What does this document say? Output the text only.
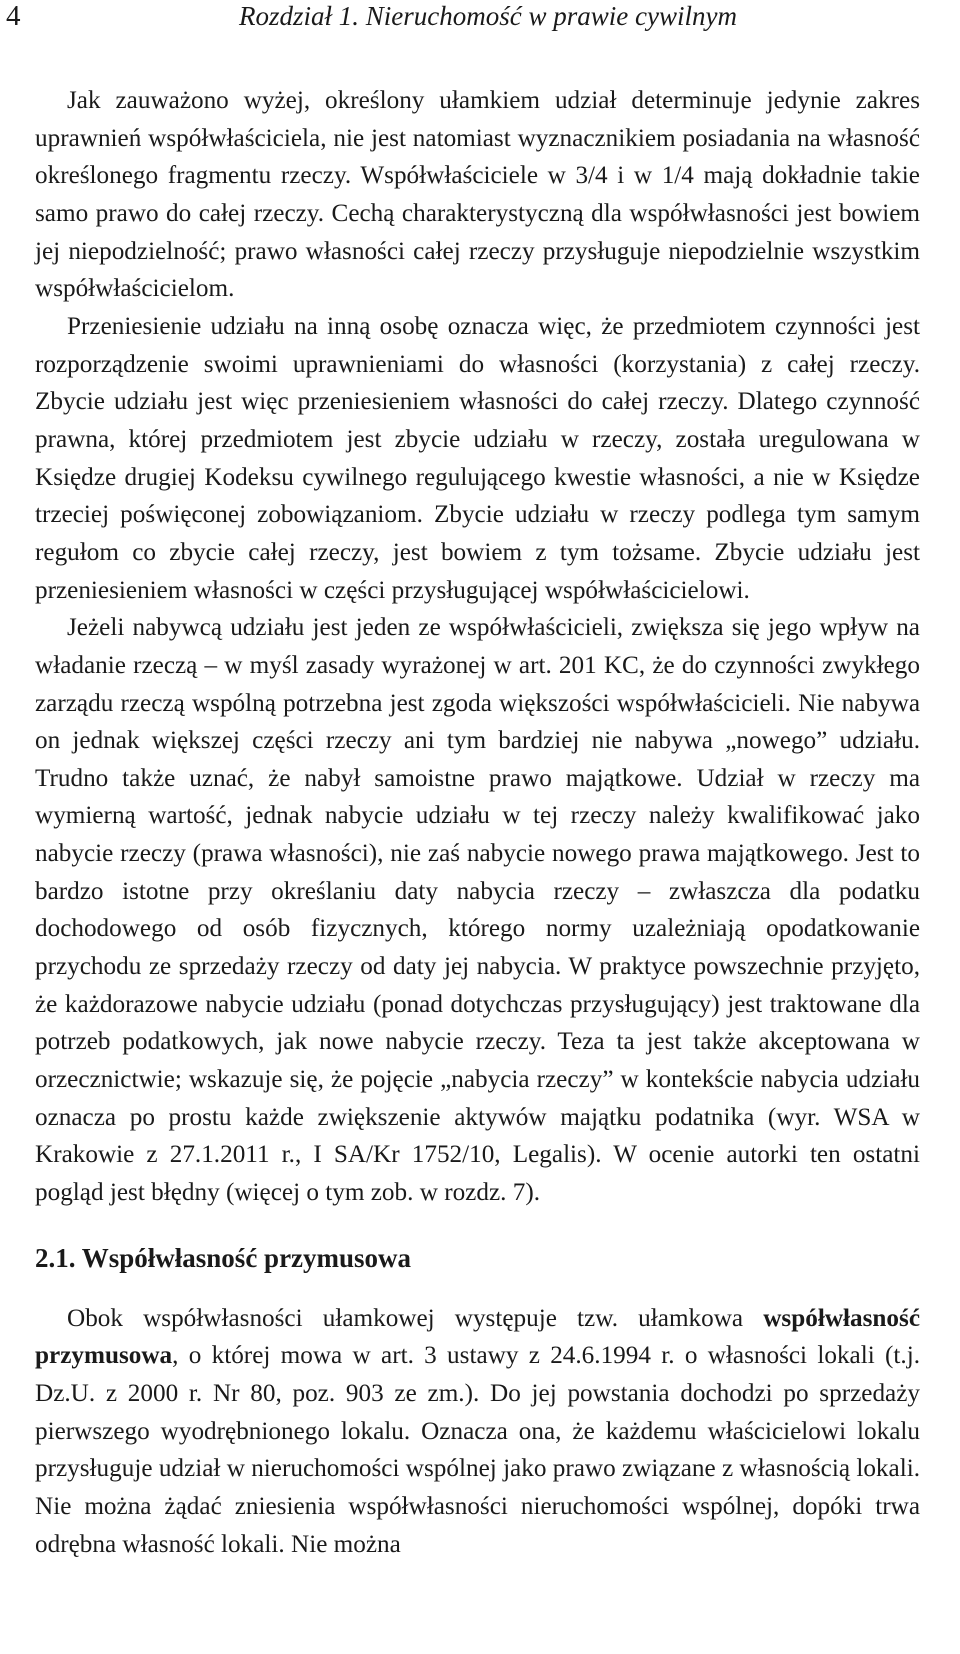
4	Rozdział 1. Nieruchomość w prawie cywilnym

Jak zauważono wyżej, określony ułamkiem udział determinuje jedynie zakres uprawnień współwłaściciela, nie jest natomiast wyznacznikiem posiadania na własność określonego fragmentu rzeczy. Współwłaściciele w 3/4 i w 1/4 mają dokładnie takie samo prawo do całej rzeczy. Cechą charakterystyczną dla współwłasności jest bowiem jej niepodzielność; prawo własności całej rzeczy przysługuje niepodzielnie wszystkim współwłaścicielom.

Przeniesienie udziału na inną osobę oznacza więc, że przedmiotem czynności jest rozporządzenie swoimi uprawnieniami do własności (korzystania) z całej rzeczy. Zbycie udziału jest więc przeniesieniem własności do całej rzeczy. Dlatego czynność prawna, której przedmiotem jest zbycie udziału w rzeczy, została uregulowana w Księdze drugiej Kodeksu cywilnego regulującego kwestie własności, a nie w Księdze trzeciej poświęconej zobowiązaniom. Zbycie udziału w rzeczy podlega tym samym regułom co zbycie całej rzeczy, jest bowiem z tym tożsame. Zbycie udziału jest przeniesieniem własności w części przysługującej współwłaścicielowi.

Jeżeli nabywcą udziału jest jeden ze współwłaścicieli, zwiększa się jego wpływ na władanie rzeczą – w myśl zasady wyrażonej w art. 201 KC, że do czynności zwykłego zarządu rzeczą wspólną potrzebna jest zgoda większości współwłaścicieli. Nie nabywa on jednak większej części rzeczy ani tym bardziej nie nabywa „nowego” udziału. Trudno także uznać, że nabył samoistne prawo majątkowe. Udział w rzeczy ma wymierną wartość, jednak nabycie udziału w tej rzeczy należy kwalifikować jako nabycie rzeczy (prawa własności), nie zaś nabycie nowego prawa majątkowego. Jest to bardzo istotne przy określaniu daty nabycia rzeczy – zwłaszcza dla podatku dochodowego od osób fizycznych, którego normy uzależniają opodatkowanie przychodu ze sprzedaży rzeczy od daty jej nabycia. W praktyce powszechnie przyjęto, że każdorazowe nabycie udziału (ponad dotychczas przysługujący) jest traktowane dla potrzeb podatkowych, jak nowe nabycie rzeczy. Teza ta jest także akceptowana w orzecznictwie; wskazuje się, że pojęcie „nabycia rzeczy” w kontekście nabycia udziału oznacza po prostu każde zwiększenie aktywów majątku podatnika (wyr. WSA w Krakowie z 27.1.2011 r., I SA/Kr 1752/10, Legalis). W ocenie autorki ten ostatni pogląd jest błędny (więcej o tym zob. w rozdz. 7).

2.1. Współwłasność przymusowa

Obok współwłasności ułamkowej występuje tzw. ułamkowa współwłasność przymusowa, o której mowa w art. 3 ustawy z 24.6.1994 r. o własności lokali (t.j. Dz.U. z 2000 r. Nr 80, poz. 903 ze zm.). Do jej powstania dochodzi po sprzedaży pierwszego wyodrębnionego lokalu. Oznacza ona, że każdemu właścicielowi lokalu przysługuje udział w nieruchomości wspólnej jako prawo związane z własnością lokali. Nie można żądać zniesienia współwłasności nieruchomości wspólnej, dopóki trwa odrębna własność lokali. Nie można
